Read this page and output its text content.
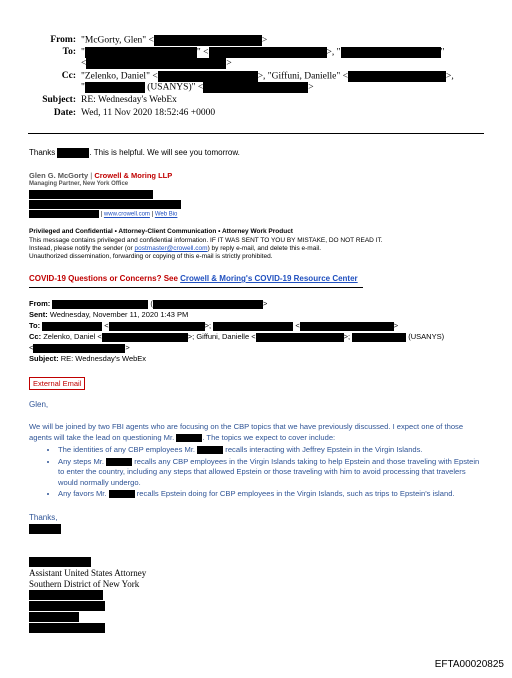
From: "McGorty, Glen" <	>
To: "	" <	>, "	"
<	>
Cc: "Zelenko, Daniel" <	>, "Giffuni, Danielle" <	>,
"	(USANYS)" <	>
Subject: RE: Wednesday's WebEx
Date: Wed, 11 Nov 2020 18:52:46 +0000
Thanks	. This is helpful. We will see you tomorrow.
Glen G. McGorty | Crowell & Moring LLP
Managing Partner, New York Office
| www.crowell.com | Web Bio
Privileged and Confidential • Attorney-Client Communication • Attorney Work Product
This message contains privileged and confidential information. IF IT WAS SENT TO YOU BY MISTAKE, DO NOT READ IT.
Instead, please notify the sender (or postmaster@crowell.com) by reply e-mail, and delete this e-mail.
Unauthorized dissemination, forwarding or copying of this e-mail is strictly prohibited.
COVID-19 Questions or Concerns? See Crowell & Moring's COVID-19 Resource Center
From:	(	>
Sent: Wednesday, November 11, 2020 1:43 PM
To:	<	>;	<	>
Cc: Zelenko, Daniel <	>; Giffuni, Danielle <	>;	(USANYS)
<	>
Subject: RE: Wednesday's WebEx
External Email
Glen,
We will be joined by two FBI agents who are focusing on the CBP topics that we have previously discussed. I expect one of those agents will take the lead on questioning Mr.	. The topics we expect to cover include:
• The identities of any CBP employees Mr.	recalls interacting with Jeffrey Epstein in the Virgin Islands.
• Any steps Mr.	recalls any CBP employees in the Virgin Islands taking to help Epstein and those traveling with Epstein to enter the country, including any steps that allowed Epstein or those traveling with him to avoid processing that travelers would normally undergo.
• Any favors Mr.	recalls Epstein doing for CBP employees in the Virgin Islands, such as trips to Epstein's island.
Thanks,
Assistant United States Attorney
Southern District of New York
EFTA00020825
